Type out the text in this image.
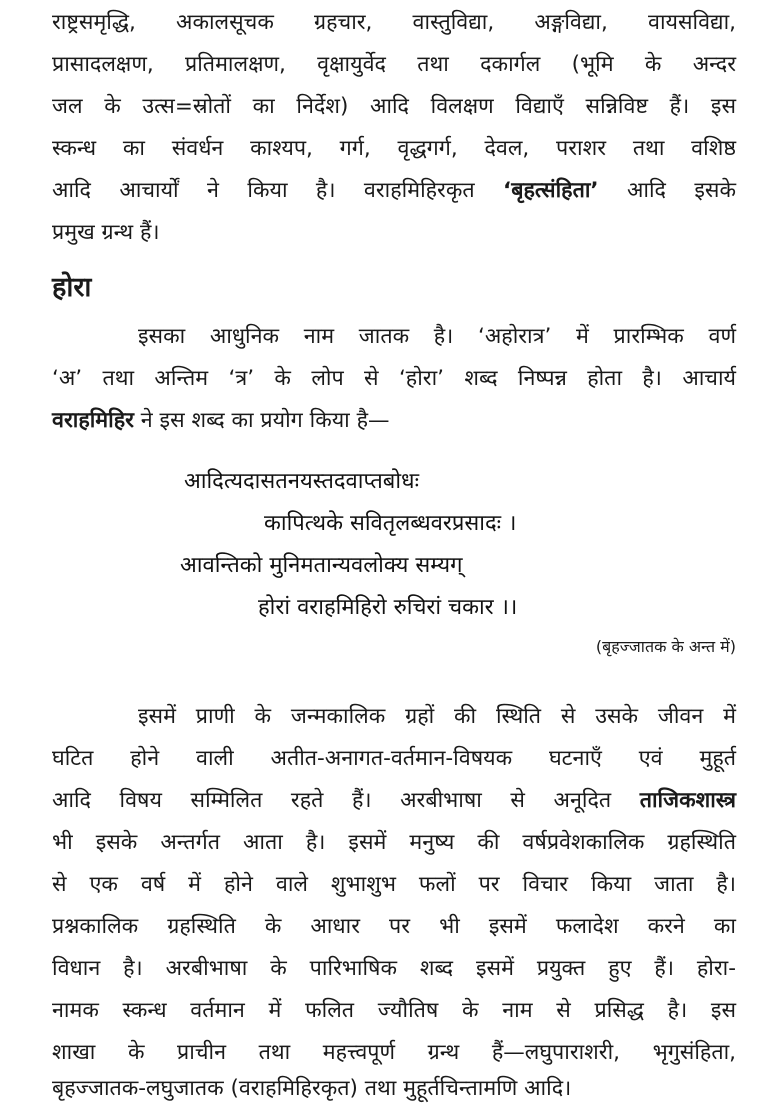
राष्ट्रसमृद्धि, अकालसूचक ग्रहचार, वास्तुविद्या, अङ्गविद्या, वायसविद्या,
प्रासादलक्षण, प्रतिमालक्षण, वृक्षायुर्वेद तथा दकार्गल (भूमि के अन्दर
जल के उत्स=स्रोतों का निर्देश) आदि विलक्षण विद्याएँ सन्निविष्ट हैं। इस
स्कन्ध का संवर्धन काश्यप, गर्ग, वृद्धगर्ग, देवल, पराशर तथा वशिष्ठ
आदि आचार्यों ने किया है। वराहमिहिरकृत ‘बृहत्संहिता’ आदि इसके
प्रमुख ग्रन्थ हैं।
होरा
इसका आधुनिक नाम जातक है। ‘अहोरात्र’ में प्रारम्भिक वर्ण
‘अ’ तथा अन्तिम ‘त्र’ के लोप से ‘होरा’ शब्द निष्पन्न होता है। आचार्य
वराहमिहिर ने इस शब्द का प्रयोग किया है—
आदित्यदासतनयस्तदवाप्तबोधः
कापित्थके सवितृलब्धवरप्रसादः ।
आवन्तिको मुनिमतान्यवलोक्य सम्यग्
होरां वराहमिहिरो रुचिरां चकार ।।
(बृहज्जातक के अन्त में)
इसमें प्राणी के जन्मकालिक ग्रहों की स्थिति से उसके जीवन में
घटित होने वाली अतीत-अनागत-वर्तमान-विषयक घटनाएँ एवं मुहूर्त
आदि विषय सम्मिलित रहते हैं। अरबीभाषा से अनूदित ताजिकशास्त्र
भी इसके अन्तर्गत आता है। इसमें मनुष्य की वर्षप्रवेशकालिक ग्रहस्थिति
से एक वर्ष में होने वाले शुभाशुभ फलों पर विचार किया जाता है।
प्रश्नकालिक ग्रहस्थिति के आधार पर भी इसमें फलादेश करने का
विधान है। अरबीभाषा के पारिभाषिक शब्द इसमें प्रयुक्त हुए हैं। होरा-
नामक स्कन्ध वर्तमान में फलित ज्यौतिष के नाम से प्रसिद्ध है। इस
शाखा के प्राचीन तथा महत्त्वपूर्ण ग्रन्थ हैं—लघुपाराशरी, भृगुसंहिता,
बृहज्जातक-लघुजातक (वराहमिहिरकृत) तथा मुहूर्तचिन्तामणि आदि।
